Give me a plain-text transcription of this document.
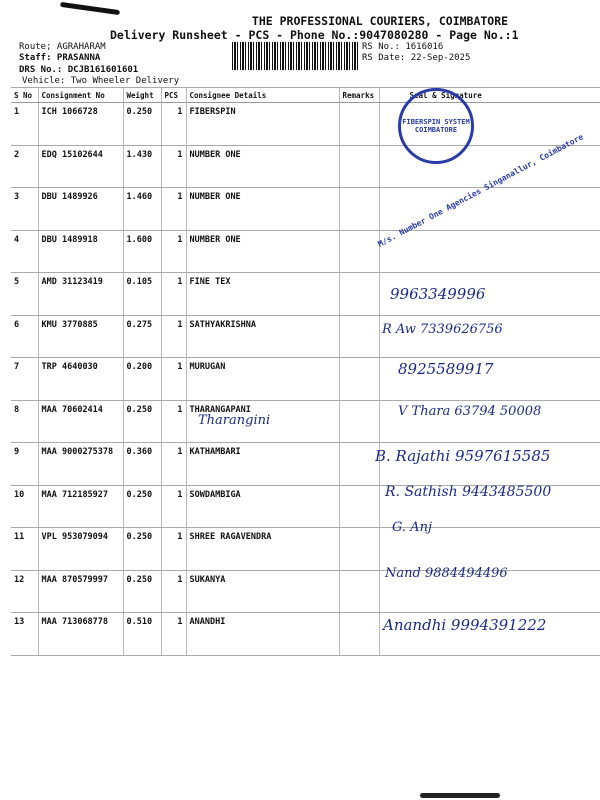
THE PROFESSIONAL COURIERS, COIMBATORE
Delivery Runsheet - PCS - Phone No.:9047080280 - Page No.:1
Route; AGRAHARAM
Staff: PRASANNA
DRS No.: DCJB161601601
Vehicle: Two Wheeler Delivery
RS No.: 1616016
RS Date: 22-Sep-2025
S No	Consignment No	Weight	PCS	Consignee Details	Remarks	Seal & Signature
1	ICH 1066728	0.250	1	FIBERSPIN		
2	EDQ 15102644	1.430	1	NUMBER ONE		
3	DBU 1489926	1.460	1	NUMBER ONE		
4	DBU 1489918	1.600	1	NUMBER ONE		
5	AMD 31123419	0.105	1	FINE TEX		
6	KMU 3770885	0.275	1	SATHYAKRISHNA		
7	TRP 4640030	0.200	1	MURUGAN		
8	MAA 70602414	0.250	1	THARANGAPANI		
9	MAA 9000275378	0.360	1	KATHAMBARI		
10	MAA 712185927	0.250	1	SOWDAMBIGA		
11	VPL 953079094	0.250	1	SHREE RAGAVENDRA		
12	MAA 870579997	0.250	1	SUKANYA		
13	MAA 713068778	0.510	1	ANANDHI		
FIBERSPIN SYSTEM COIMBATORE
M/s. Number One Agencies Singanallur, Coimbatore
Tharangini
9963349996
R Aw 7339626756
8925589917
V Thara 63794 50008
B. Rajathi 9597615585
R. Sathish 9443485500
G. Anj
Nand 9884494496
Anandhi 9994391222
